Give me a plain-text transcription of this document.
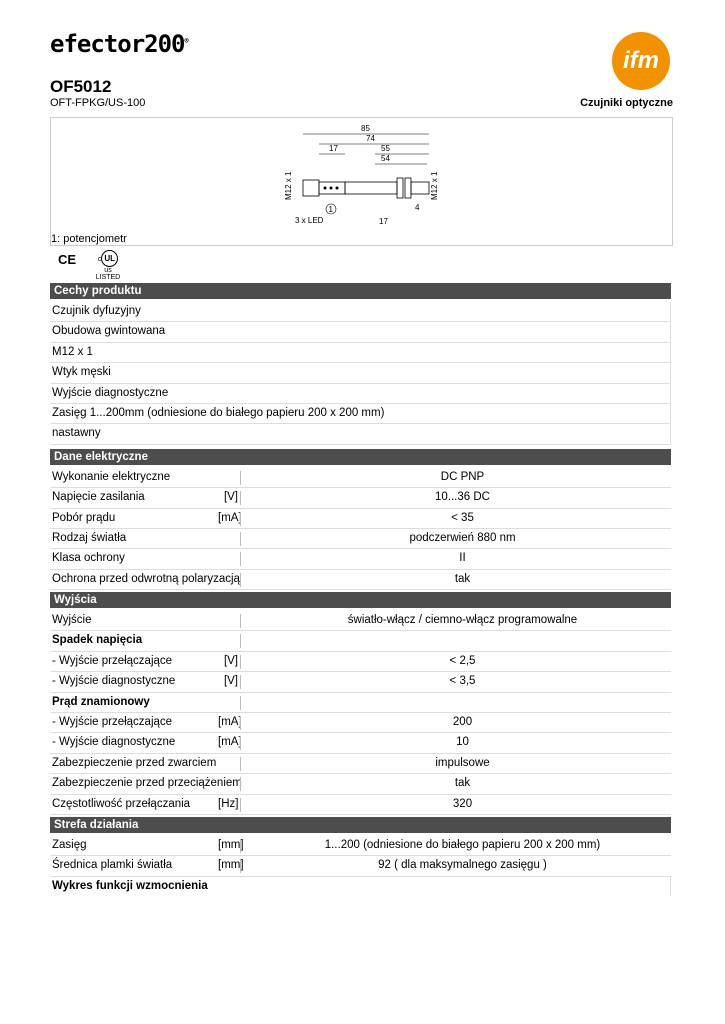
efector200®
ifm
OF5012
OFT-FPKG/US-100	Czujniki optyczne
85
74
17	55
54
M12 x 1	M12 x 1
1
3 x LED
4
17
1: potencjometr
CE	c ULus
LISTED
Cechy produktu
Czujnik dyfuzyjny
Obudowa gwintowana
M12 x 1
Wtyk męski
Wyjście diagnostyczne
Zasięg 1...200mm (odniesione do białego papieru 200 x 200 mm)
nastawny
Dane elektryczne
Wykonanie elektryczne	DC PNP
Napięcie zasilania	[V]	10...36 DC
Pobór prądu	[mA]	< 35
Rodzaj światła	podczerwień 880 nm
Klasa ochrony	II
Ochrona przed odwrotną polaryzacją	tak
Wyjścia
Wyjście	światło-włącz / ciemno-włącz programowalne
Spadek napięcia
- Wyjście przełączające	[V]	< 2,5
- Wyjście diagnostyczne	[V]	< 3,5
Prąd znamionowy
- Wyjście przełączające	[mA]	200
- Wyjście diagnostyczne	[mA]	10
Zabezpieczenie przed zwarciem	impulsowe
Zabezpieczenie przed przeciążeniem	tak
Częstotliwość przełączania [Hz]	320
Strefa działania
Zasięg	[mm]	1...200 (odniesione do białego papieru 200 x 200 mm)
Średnica plamki światła	[mm]	92 ( dla maksymalnego zasięgu )
Wykres funkcji wzmocnienia
